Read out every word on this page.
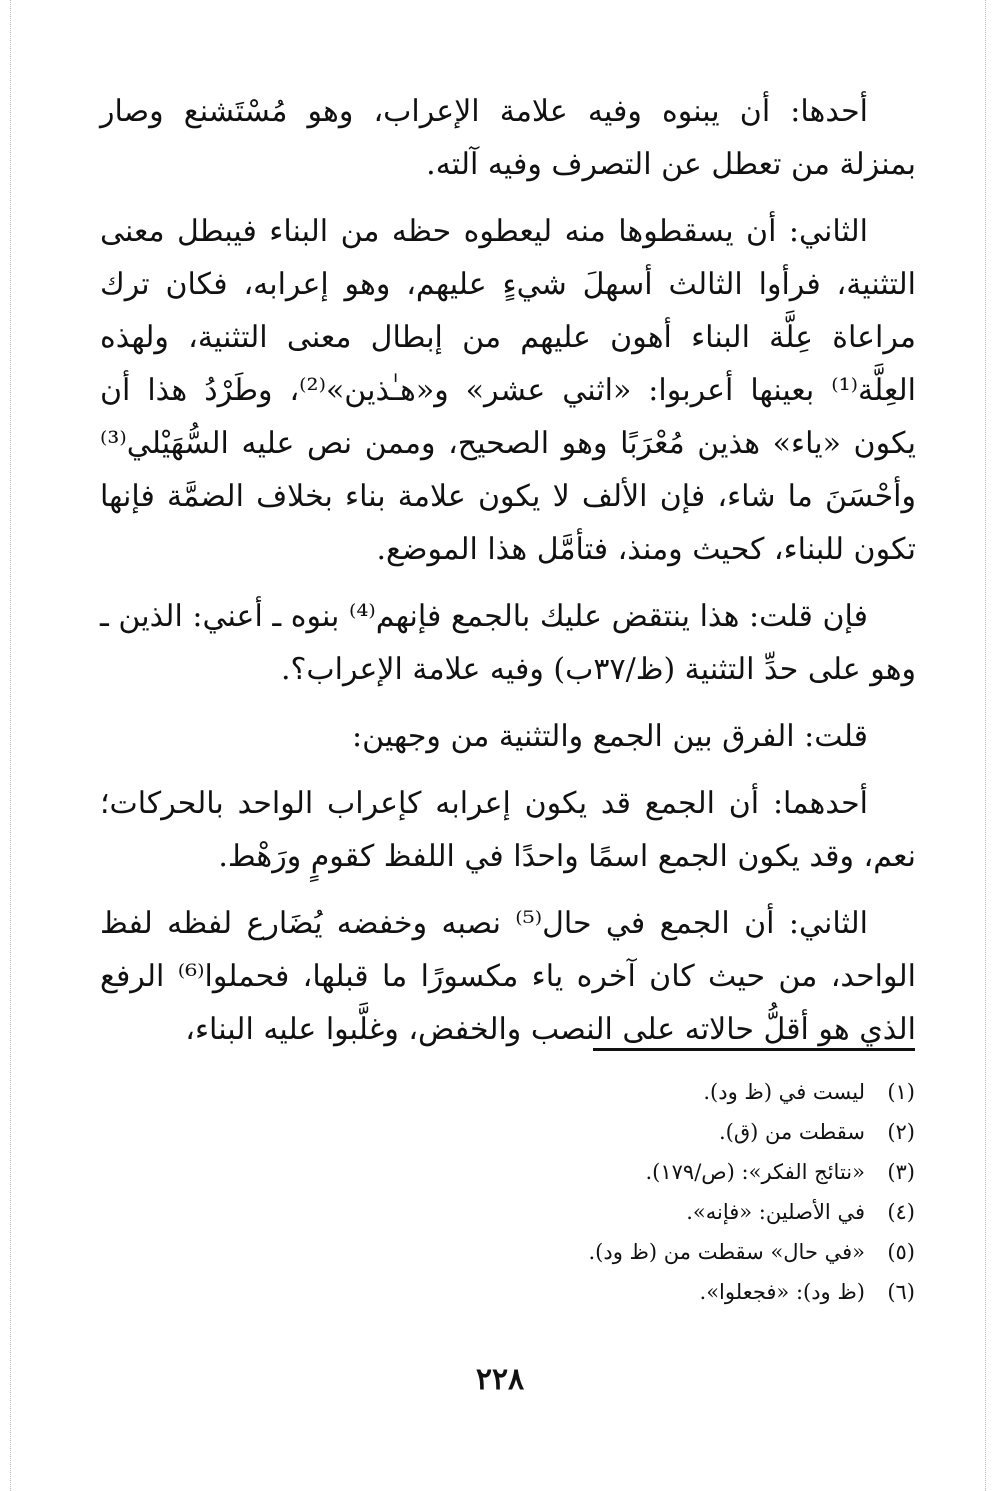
أحدها: أن يبنوه وفيه علامة الإعراب، وهو مُسْتَشنع وصار بمنزلة من تعطل عن التصرف وفيه آلته.

الثاني: أن يسقطوها منه ليعطوه حظه من البناء فيبطل معنى التثنية، فرأوا الثالث أسهلَ شيءٍ عليهم، وهو إعرابه، فكان ترك مراعاة عِلَّة البناء أهون عليهم من إبطال معنى التثنية، ولهذه العِلَّة⁽¹⁾ بعينها أعربوا: «اثني عشر» و«هـٰذين»⁽²⁾، وطَرْدُ هذا أن يكون «ياء» هذين مُعْرَبًا وهو الصحيح، وممن نص عليه السُّهَيْلي⁽³⁾ وأحْسَنَ ما شاء، فإن الألف لا يكون علامة بناء بخلاف الضمَّة فإنها تكون للبناء، كحيث ومنذ، فتأمَّل هذا الموضع.

فإن قلت: هذا ينتقض عليك بالجمع فإنهم⁽⁴⁾ بنوه ـ أعني: الذين ـ وهو على حدِّ التثنية (ظ/٣٧ب) وفيه علامة الإعراب؟.

قلت: الفرق بين الجمع والتثنية من وجهين:

أحدهما: أن الجمع قد يكون إعرابه كإعراب الواحد بالحركات؛ نعم، وقد يكون الجمع اسمًا واحدًا في اللفظ كقومٍ ورَهْط.

الثاني: أن الجمع في حال⁽⁵⁾ نصبه وخفضه يُضَارع لفظه لفظ الواحد، من حيث كان آخره ياء مكسورًا ما قبلها، فحملوا⁽⁶⁾ الرفع الذي هو أقلُّ حالاته على النصب والخفض، وغلَّبوا عليه البناء،

(١)
ليست في (ظ ود).
(٢)
سقطت من (ق).
(٣)
«نتائج الفكر»: (ص/١٧٩).
(٤)
في الأصلين: «فإنه».
(٥)
«في حال» سقطت من (ظ ود).
(٦)
(ظ ود): «فجعلوا».
٢٢٨
